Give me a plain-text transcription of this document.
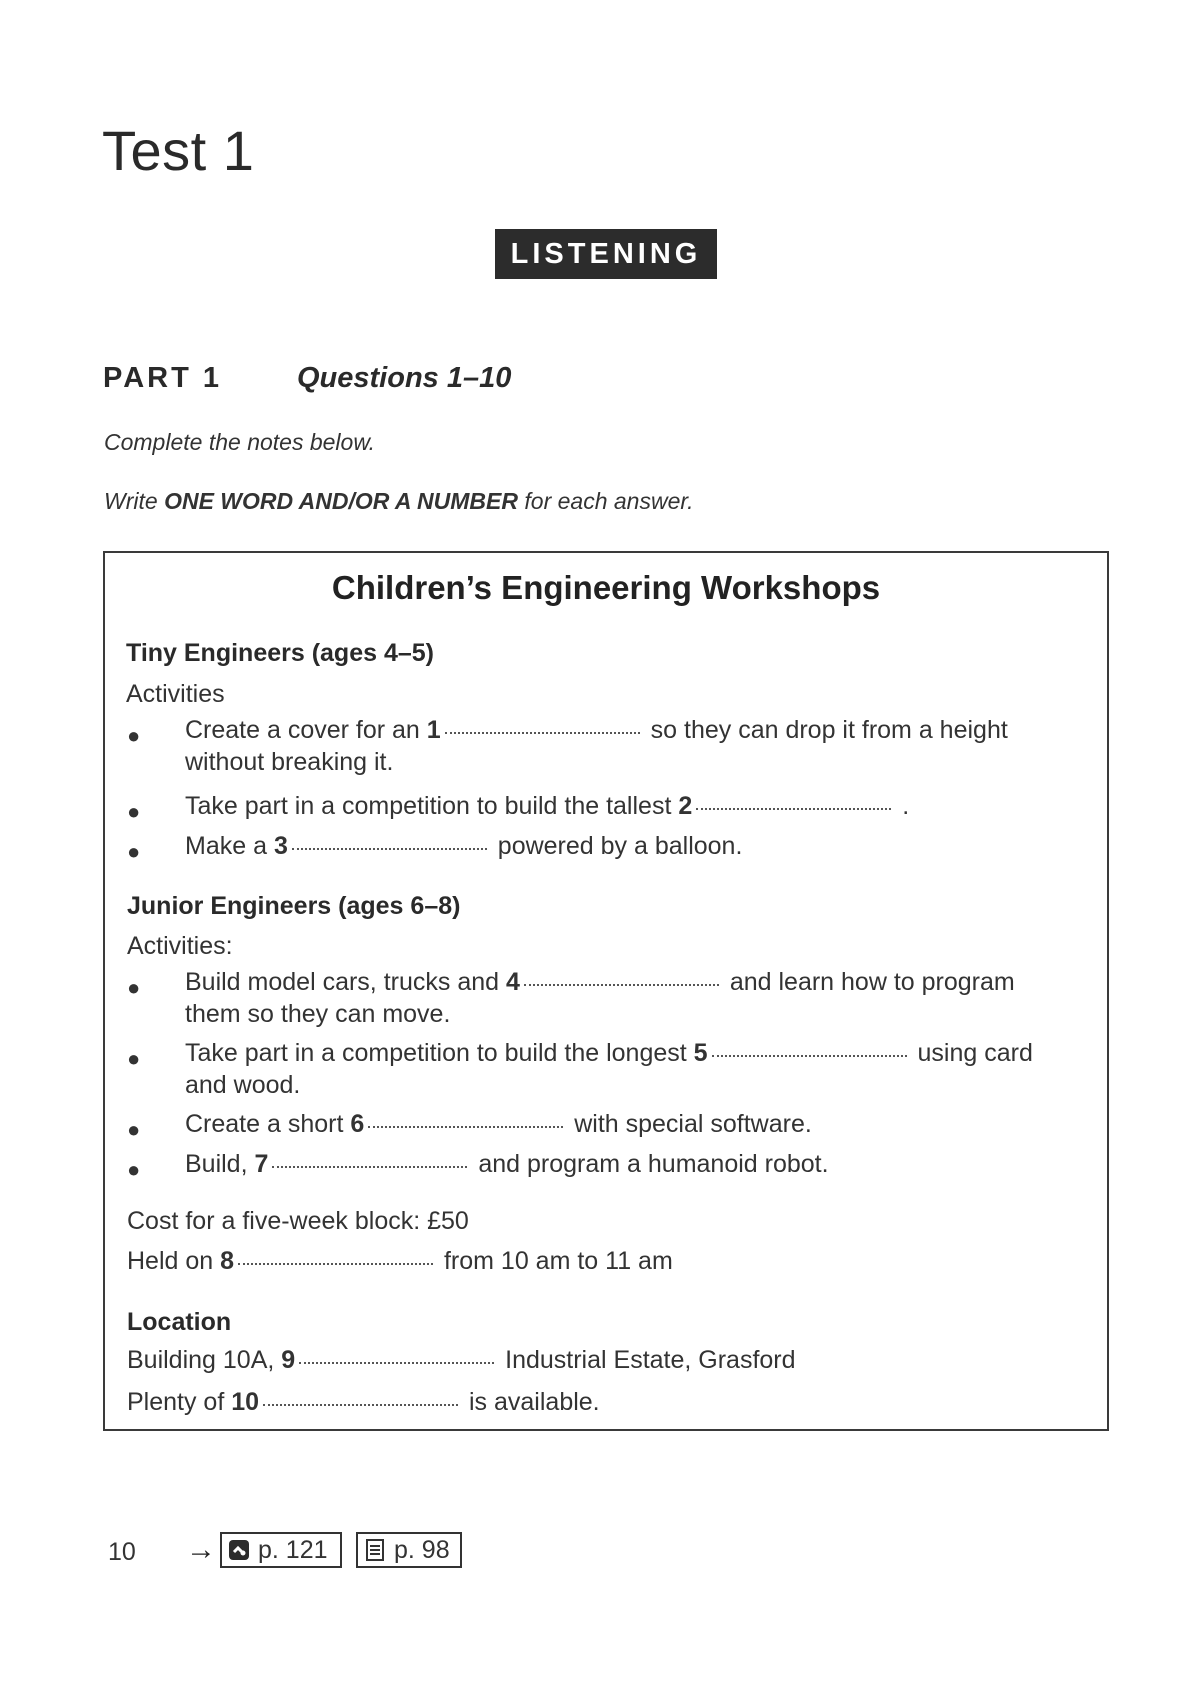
Test 1
LISTENING
PART 1	Questions 1–10
Complete the notes below.
Write ONE WORD AND/OR A NUMBER for each answer.
Children’s Engineering Workshops
Tiny Engineers (ages 4–5)
Activities
● Create a cover for an 1	so they can drop it from a height without breaking it.
● Take part in a competition to build the tallest 2	.
● Make a 3	powered by a balloon.
Junior Engineers (ages 6–8)
Activities:
● Build model cars, trucks and 4	and learn how to program them so they can move.
● Take part in a competition to build the longest 5	using card and wood.
● Create a short 6	with special software.
● Build, 7	and program a humanoid robot.
Cost for a five-week block: £50
Held on 8	from 10 am to 11 am
Location
Building 10A, 9	Industrial Estate, Grasford
Plenty of 10	is available.
10 → p. 121	p. 98
